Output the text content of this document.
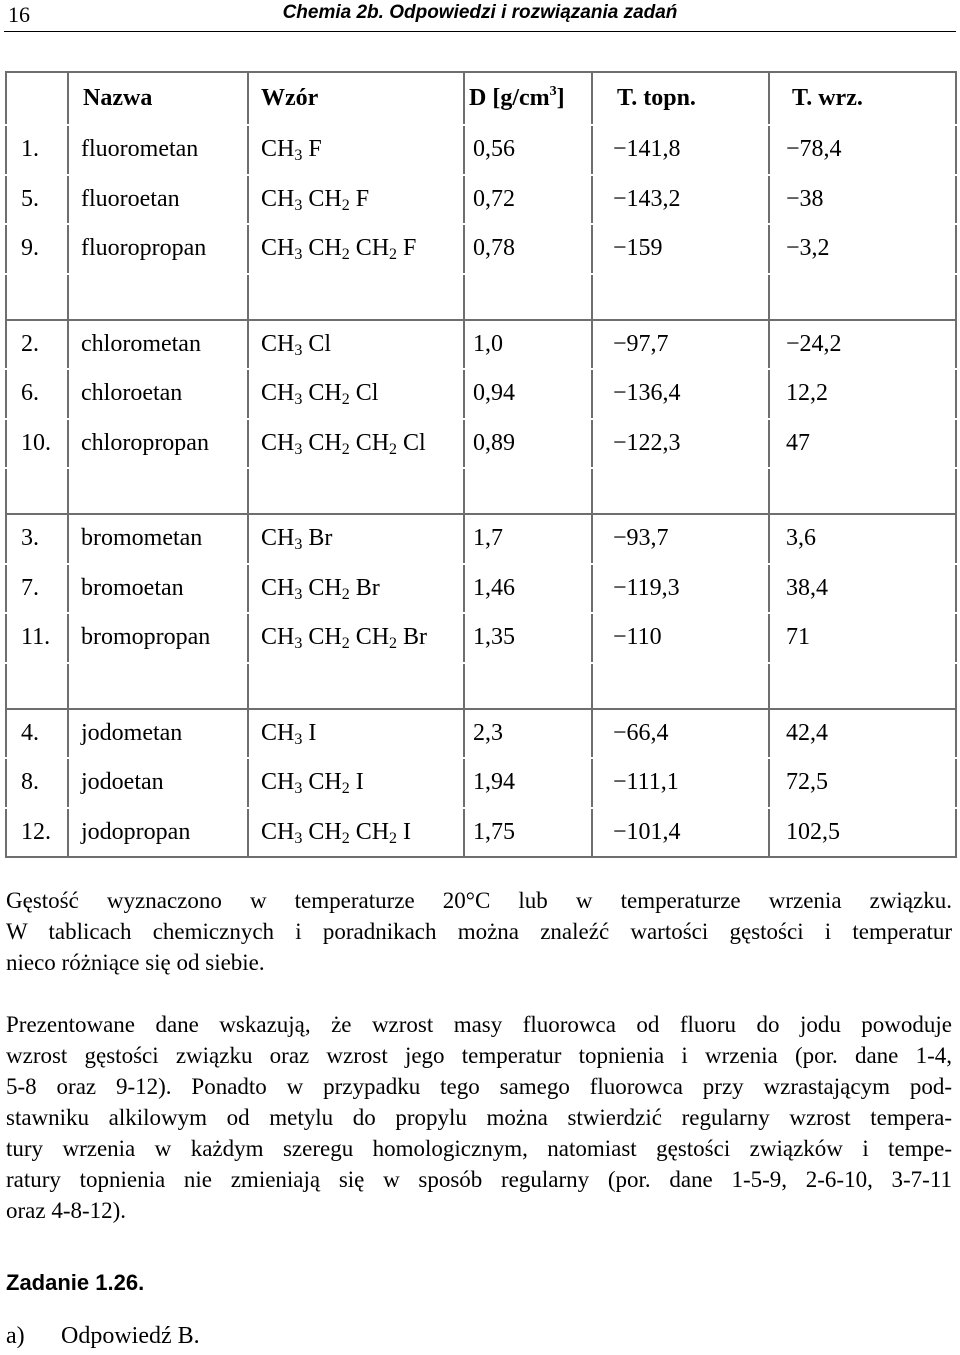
16	Chemia 2b. Odpowiedzi i rozwiązania zadań
	Nazwa	Wzór	D $[g/cm^3]$	T. topn.	T. wrz.
1.	fluorometan	$CH_3$ F	0,56	−141,8	−78,4
5.	fluoroetan	$CH_3$ $CH_2$ F	0,72	−143,2	−38
9.	fluoropropan	$CH_3$ $CH_2$ $CH_2$ F	0,78	−159	−3,2

2.	chlorometan	$CH_3$ Cl	1,0	−97,7	−24,2
6.	chloroetan	$CH_3$ $CH_2$ Cl	0,94	−136,4	12,2
10.	chloropropan	$CH_3$ $CH_2$ $CH_2$ Cl	0,89	−122,3	47

3.	bromometan	$CH_3$ Br	1,7	−93,7	3,6
7.	bromoetan	$CH_3$ $CH_2$ Br	1,46	−119,3	38,4
11.	bromopropan	$CH_3$ $CH_2$ $CH_2$ Br	1,35	−110	71

4.	jodometan	$CH_3$ I	2,3	−66,4	42,4
8.	jodoetan	$CH_3$ $CH_2$ I	1,94	−111,1	72,5
12.	jodopropan	$CH_3$ $CH_2$ $CH_2$ I	1,75	−101,4	102,5
Gęstość wyznaczono w temperaturze 20°C lub w temperaturze wrzenia związku.
W tablicach chemicznych i poradnikach można znaleźć wartości gęstości i temperatur
nieco różniące się od siebie.
Prezentowane dane wskazują, że wzrost masy fluorowca od fluoru do jodu powoduje
wzrost gęstości związku oraz wzrost jego temperatur topnienia i wrzenia (por. dane 1-4,
5-8 oraz 9-12). Ponadto w przypadku tego samego fluorowca przy wzrastającym pod-
stawniku alkilowym od metylu do propylu można stwierdzić regularny wzrost tempera-
tury wrzenia w każdym szeregu homologicznym, natomiast gęstości związków i tempe-
ratury topnienia nie zmieniają się w sposób regularny (por. dane 1-5-9, 2-6-10, 3-7-11
oraz 4-8-12).
Zadanie 1.26.
a) Odpowiedź B.
